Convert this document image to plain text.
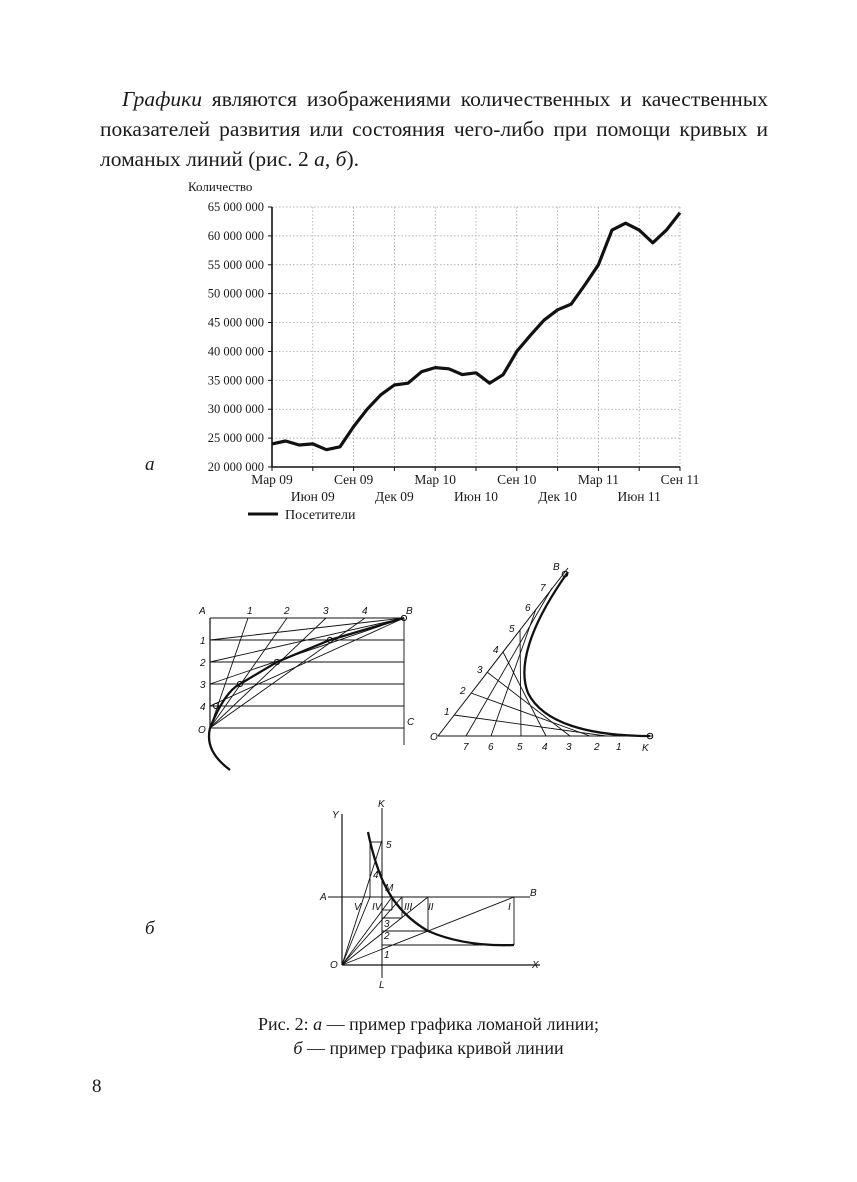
Графики являются изображениями количественных и качественных показателей развития или состояния чего-либо при помощи кривых и ломаных линий (рис. 2 а, б).

а	20 000 000
25 000 000
30 000 000
35 000 000
40 000 000
45 000 000
50 000 000
55 000 000
60 000 000
65 000 000
Мар 09
Июн 09
Сен 09
Дек 09
Мар 10
Июн 10
Сен 10
Дек 10
Мар 11
Июн 11
Сен 11
Количество
Посетители
A	B
C
O
1	2	3	4
1
2
3
4
O
B
K
1
2
3
4
5
6
7
7 6 5 4 3 2 1
б
Y
K
A	B
M
O
L
X
1
2
3
4
5
V IV III II	I
Рис. 2: а — пример графика ломаной линии;
б — пример графика кривой линии
8
